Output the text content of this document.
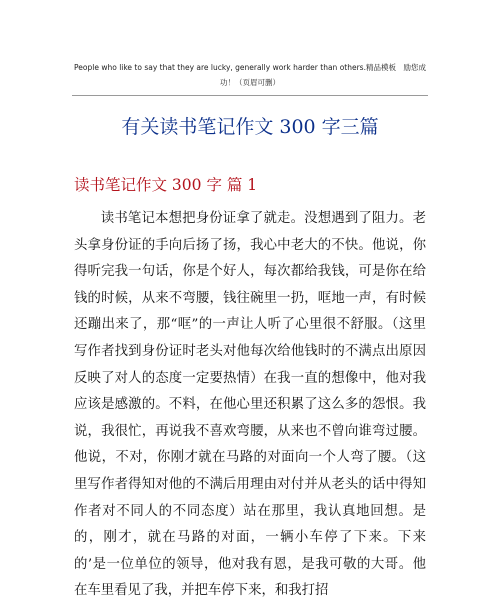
People who like to say that they are lucky, generally work harder than others.精品模板　励您成功！（页眉可删）
有关读书笔记作文 300 字三篇
读书笔记作文 300 字 篇 1

读书笔记本想把身份证拿了就走。没想遇到了阻力。老头拿身份证的手向后扬了扬，我心中老大的不快。他说，你得听完我一句话，你是个好人，每次都给我钱，可是你在给钱的时候，从来不弯腰，钱往碗里一扔，哐地一声，有时候还蹦出来了，那“哐”的一声让人听了心里很不舒服。（这里写作者找到身份证时老头对他每次给他钱时的不满点出原因反映了对人的态度一定要热情）在我一直的想像中，他对我应该是感激的。不料，在他心里还积累了这么多的怨恨。我说，我很忙，再说我不喜欢弯腰，从来也不曾向谁弯过腰。他说，不对，你刚才就在马路的对面向一个人弯了腰。（这里写作者得知对他的不满后用理由对付并从老头的话中得知作者对不同人的不同态度）站在那里，我认真地回想。是的，刚才，就在马路的对面，一辆小车停了下来。下来的’是一位单位的领导，他对我有恩，是我可敬的大哥。他在车里看见了我，并把车停下来，和我打招
